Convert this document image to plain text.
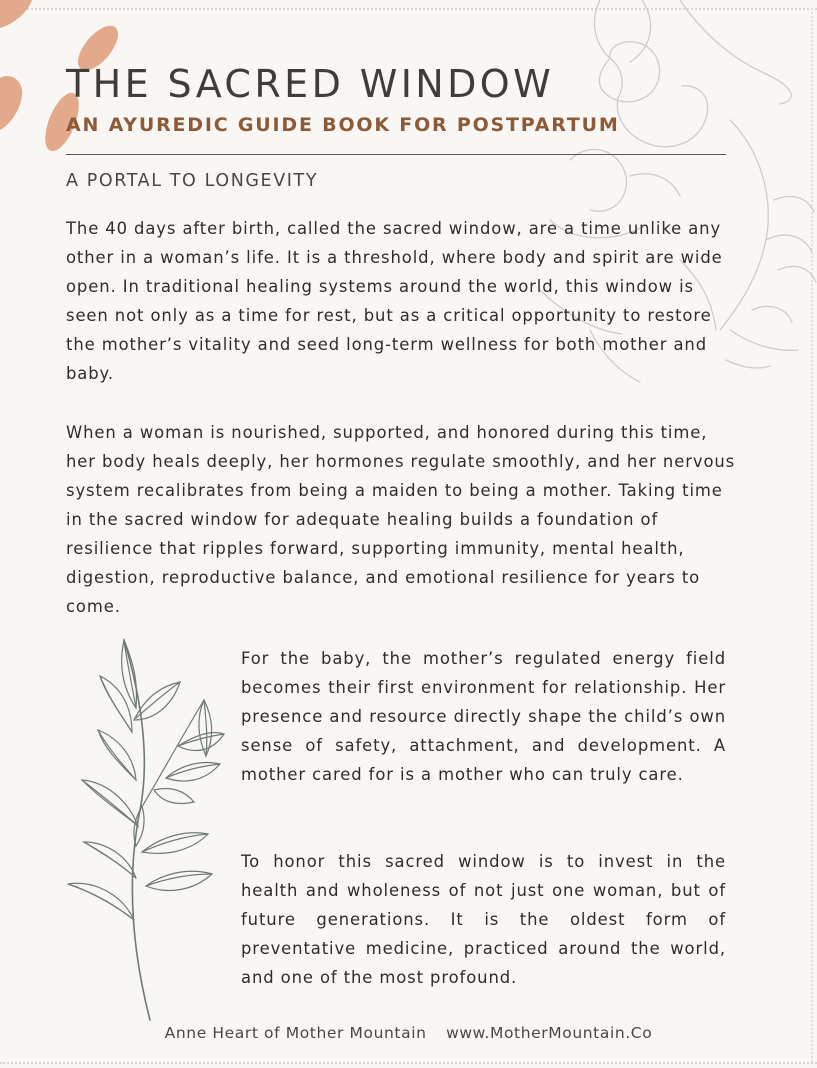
THE SACRED WINDOW
AN AYUREDIC GUIDE BOOK FOR POSTPARTUM
A PORTAL TO LONGEVITY

The 40 days after birth, called the sacred window, are a time unlike any other in a woman’s life. It is a threshold, where body and spirit are wide open. In traditional healing systems around the world, this window is seen not only as a time for rest, but as a critical opportunity to restore the mother’s vitality and seed long-term wellness for both mother and baby.

When a woman is nourished, supported, and honored during this time, her body heals deeply, her hormones regulate smoothly, and her nervous system recalibrates from being a maiden to being a mother. Taking time in the sacred window for adequate healing builds a foundation of resilience that ripples forward, supporting immunity, mental health, digestion, reproductive balance, and emotional resilience for years to come.

For the baby, the mother’s regulated energy field becomes their first environment for relationship. Her presence and resource directly shape the child’s own sense of safety, attachment, and development. A mother cared for is a mother who can truly care.

To honor this sacred window is to invest in the health and wholeness of not just one woman, but of future generations. It is the oldest form of preventative medicine, practiced around the world, and one of the most profound.

Anne Heart of Mother Mountain www.MotherMountain.Co
